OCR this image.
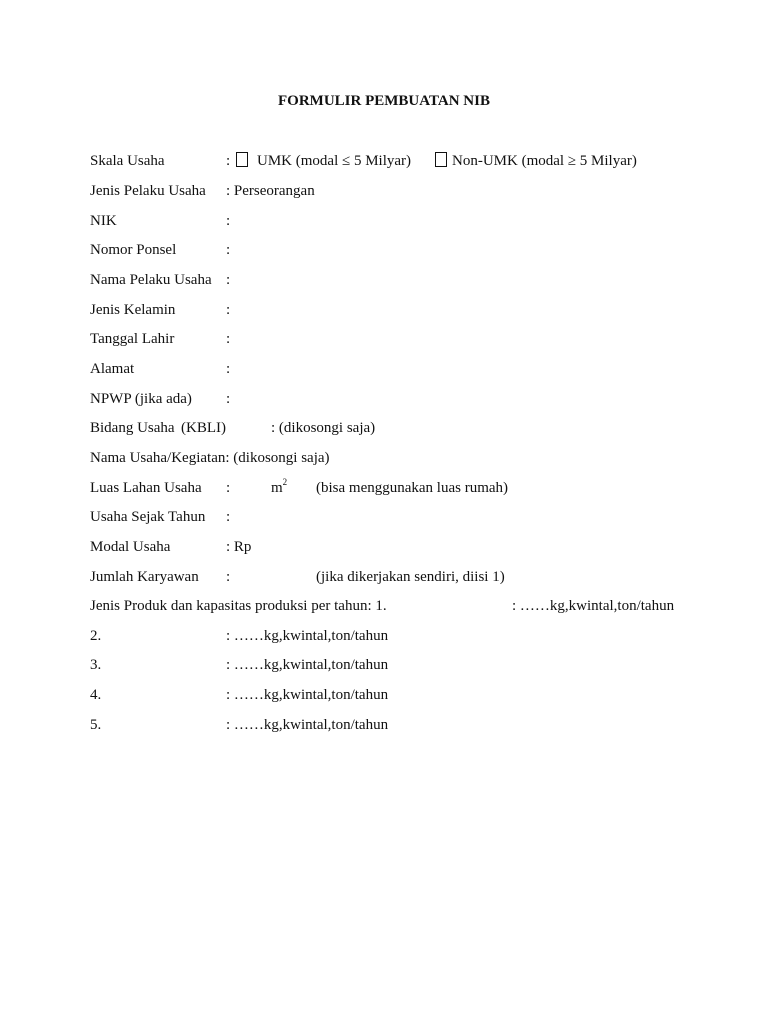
FORMULIR PEMBUATAN NIB
Skala Usaha	: UMK (modal ≤ 5 Milyar)	Non-UMK (modal ≥ 5 Milyar)
Jenis Pelaku Usaha : Perseorangan
NIK	:
Nomor Ponsel	:
Nama Pelaku Usaha :
Jenis Kelamin	:
Tanggal Lahir	:
Alamat	:
NPWP (jika ada) :
Bidang Usaha (KBLI)	: (dikosongi saja)
Nama Usaha/Kegiatan: (dikosongi saja)
Luas Lahan Usaha :	$m^2$ (bisa menggunakan luas rumah)
Usaha Sejak Tahun :
Modal Usaha	: Rp
Jumlah Karyawan :	(jika dikerjakan sendiri, diisi 1)
Jenis Produk dan kapasitas produksi per tahun: 1.	: ……kg,kwintal,ton/tahun
2.	: ……kg,kwintal,ton/tahun
3.	: ……kg,kwintal,ton/tahun
4.	: ……kg,kwintal,ton/tahun
5.	: ……kg,kwintal,ton/tahun
